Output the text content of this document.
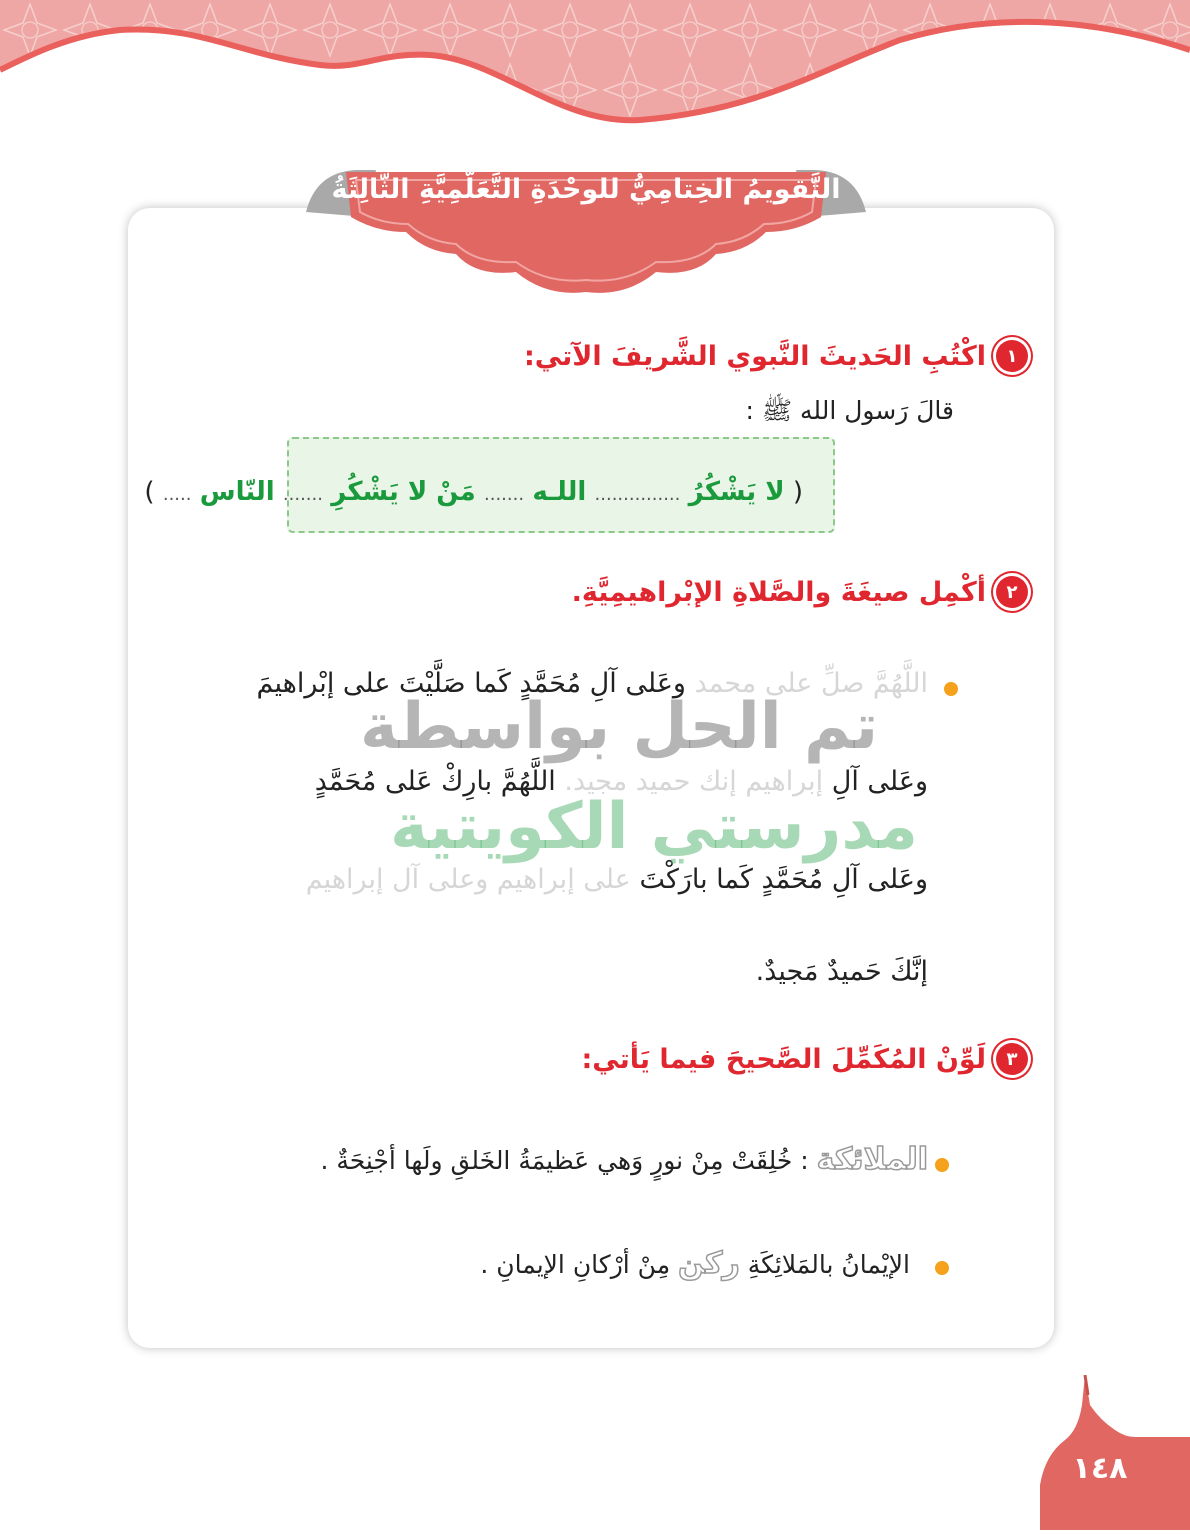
التَّقويمُ الخِتامِيُّ للوحْدَةِ التَّعَلُّمِيَّةِ الثَّالِثَةُ
١
اكْتُبِ الحَديثَ النَّبوي الشَّريفَ الآتي:
قالَ رَسول الله ﷺ :
( لا يَشْكُرُ ............... اللـه ....... مَنْ لا يَشْكُرِ ....... النّاس ..... )
٢
أكْمِل صيغَةَ والصَّلاةِ الإبْراهيمِيَّةِ.
اللَّهُمَّ صلِّ على محمد وعَلى آلِ مُحَمَّدٍ كَما صَلَّيْتَ على إبْراهيمَ
وعَلى آلِ إبراهيم إنك حميد مجيد. اللَّهُمَّ بارِكْ عَلى مُحَمَّدٍ
وعَلى آلِ مُحَمَّدٍ كَما بارَكْتَ على إبراهيم وعلى آل إبراهيم
إنَّكَ حَميدٌ مَجيدٌ.
تم الحل بواسطة
مدرستي الكويتية
٣
لَوِّنْ المُكَمِّلَ الصَّحيحَ فيما يَأتي:
الملائكة : خُلِقَتْ مِنْ نورٍ وَهي عَظيمَةُ الخَلقِ ولَها أجْنِحَةٌ .
الإيْمانُ بالمَلائِكَةِ ركن مِنْ أرْكانِ الإيمانِ .
١٤٨
